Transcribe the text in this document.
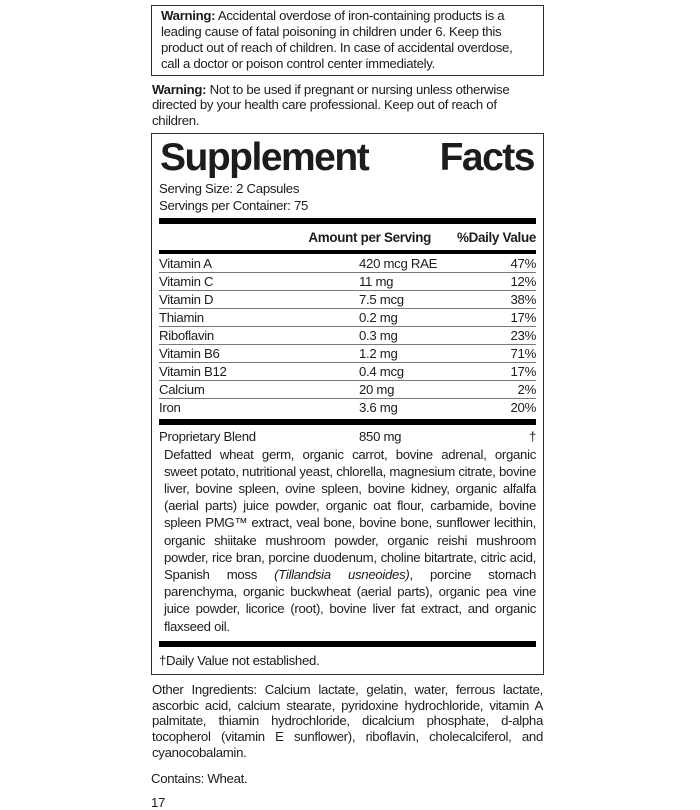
Warning: Accidental overdose of iron-containing products is a leading cause of fatal poisoning in children under 6. Keep this product out of reach of children. In case of accidental overdose, call a doctor or poison control center immediately.
Warning: Not to be used if pregnant or nursing unless otherwise directed by your health care professional. Keep out of reach of children.
Supplement Facts
Serving Size: 2 Capsules
Servings per Container: 75
Amount per Serving %Daily Value
Vitamin A	420 mcg RAE	47%
Vitamin C	11 mg	12%
Vitamin D	7.5 mcg	38%
Thiamin	0.2 mg	17%
Riboflavin	0.3 mg	23%
Vitamin B6	1.2 mg	71%
Vitamin B12	0.4 mcg	17%
Calcium	20 mg	2%
Iron	3.6 mg	20%
Proprietary Blend	850 mg	†
Defatted wheat germ, organic carrot, bovine adrenal, organic sweet potato, nutritional yeast, chlorella, magnesium citrate, bovine liver, bovine spleen, ovine spleen, bovine kidney, organic alfalfa (aerial parts) juice powder, organic oat flour, carbamide, bovine spleen PMG™ extract, veal bone, bovine bone, sunflower lecithin, organic shiitake mushroom powder, organic reishi mushroom powder, rice bran, porcine duodenum, choline bitartrate, citric acid, Spanish moss (Tillandsia usneoides), porcine stomach parenchyma, organic buckwheat (aerial parts), organic pea vine juice powder, licorice (root), bovine liver fat extract, and organic flaxseed oil.
†Daily Value not established.
Other Ingredients: Calcium lactate, gelatin, water, ferrous lactate, ascorbic acid, calcium stearate, pyridoxine hydrochloride, vitamin A palmitate, thiamin hydrochloride, dicalcium phosphate, d-alpha tocopherol (vitamin E sunflower), riboflavin, cholecalciferol, and cyanocobalamin.
Contains: Wheat.
17
